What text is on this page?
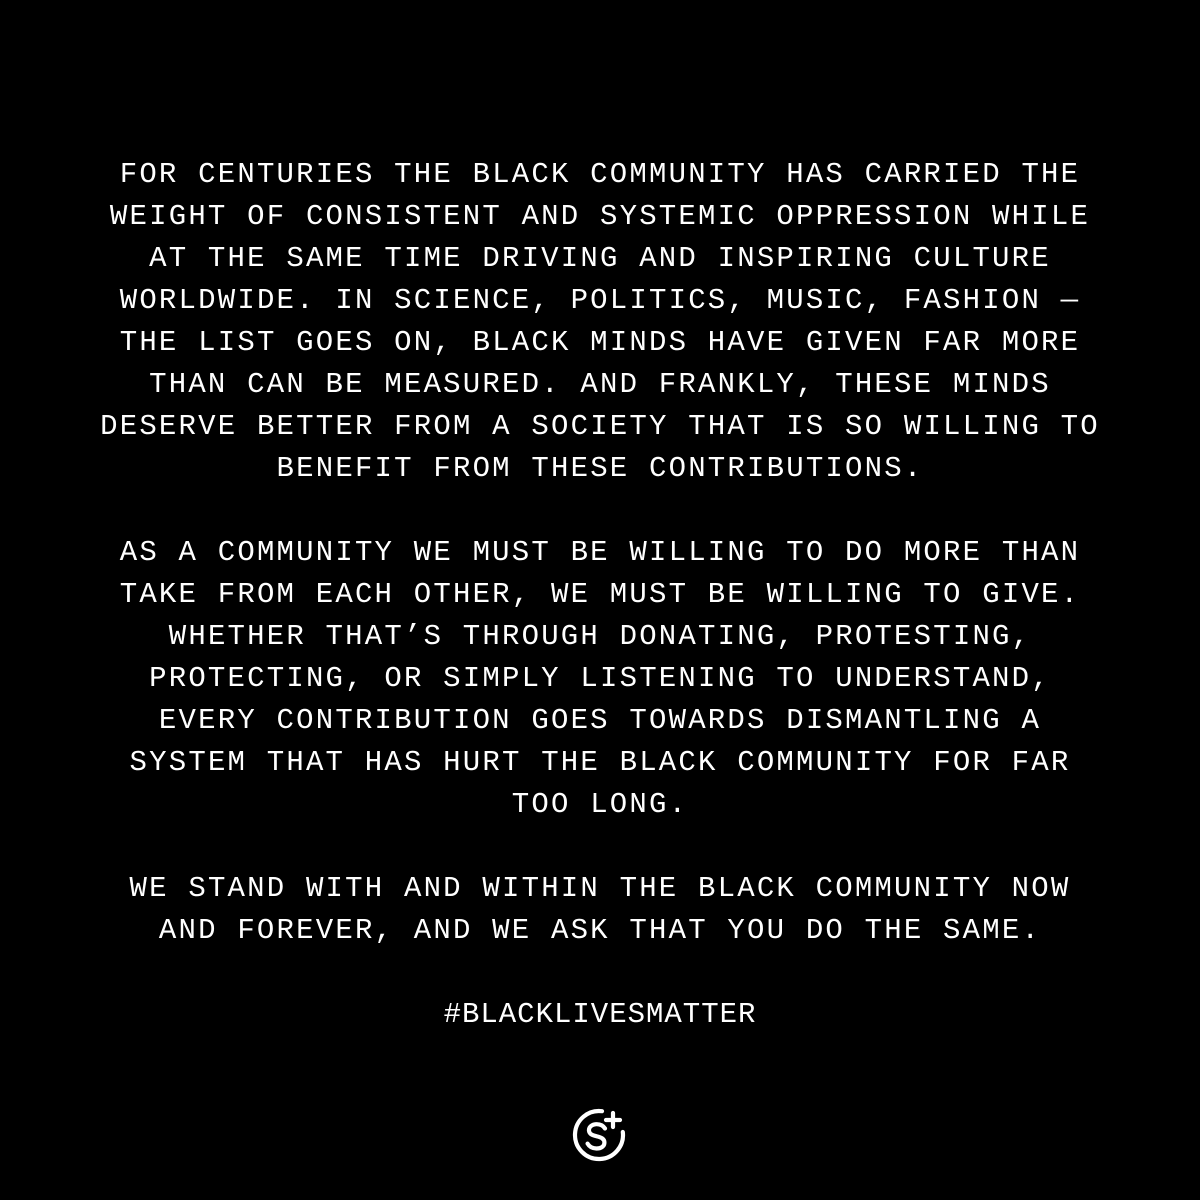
FOR CENTURIES THE BLACK COMMUNITY HAS CARRIED THE
WEIGHT OF CONSISTENT AND SYSTEMIC OPPRESSION WHILE
AT THE SAME TIME DRIVING AND INSPIRING CULTURE
WORLDWIDE. IN SCIENCE, POLITICS, MUSIC, FASHION —
THE LIST GOES ON, BLACK MINDS HAVE GIVEN FAR MORE
THAN CAN BE MEASURED. AND FRANKLY, THESE MINDS
DESERVE BETTER FROM A SOCIETY THAT IS SO WILLING TO
BENEFIT FROM THESE CONTRIBUTIONS.
AS A COMMUNITY WE MUST BE WILLING TO DO MORE THAN
TAKE FROM EACH OTHER, WE MUST BE WILLING TO GIVE.
WHETHER THAT’S THROUGH DONATING, PROTESTING,
PROTECTING, OR SIMPLY LISTENING TO UNDERSTAND,
EVERY CONTRIBUTION GOES TOWARDS DISMANTLING A
SYSTEM THAT HAS HURT THE BLACK COMMUNITY FOR FAR
TOO LONG.
WE STAND WITH AND WITHIN THE BLACK COMMUNITY NOW
AND FOREVER, AND WE ASK THAT YOU DO THE SAME.
#BLACKLIVESMATTER
